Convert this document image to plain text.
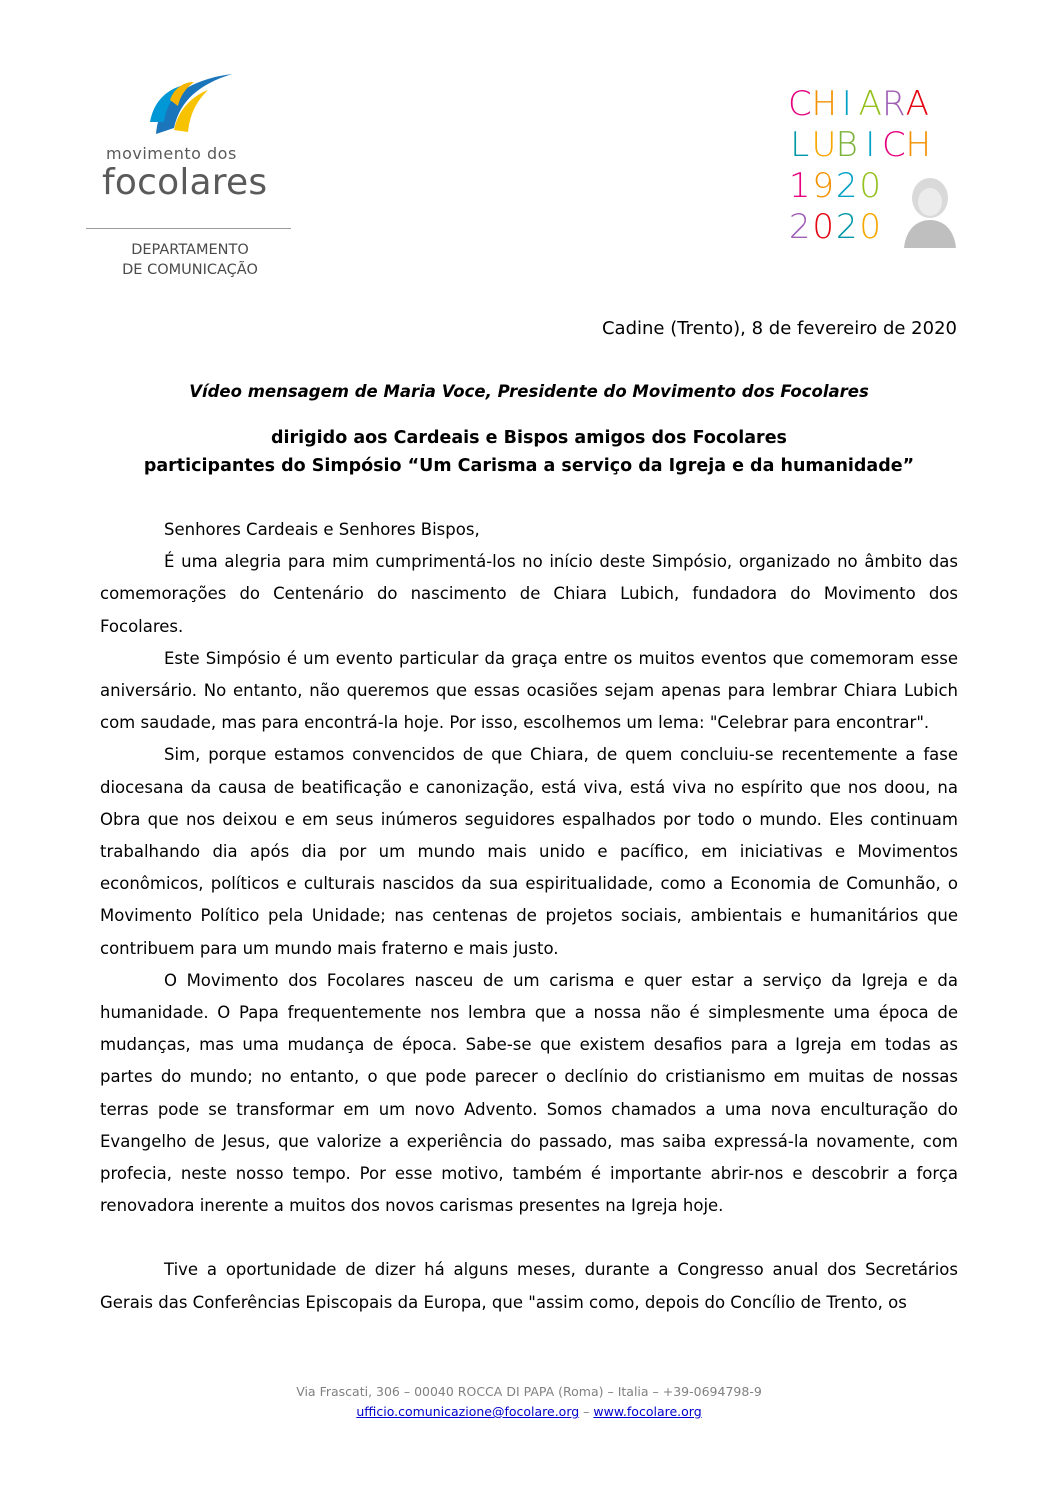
movimento dos
focolares
DEPARTAMENTO
DE COMUNICAÇÃO
C H I A R A
L U B I C H
1 9 2 0
2 0 2 0
Cadine (Trento), 8 de fevereiro de 2020
Vídeo mensagem de Maria Voce, Presidente do Movimento dos Focolares
dirigido aos Cardeais e Bispos amigos dos Focolares
participantes do Simpósio “Um Carisma a serviço da Igreja e da humanidade”

Senhores Cardeais e Senhores Bispos,

É uma alegria para mim cumprimentá-los no início deste Simpósio, organizado no âmbito das comemorações do Centenário do nascimento de Chiara Lubich, fundadora do Movimento dos Focolares.

Este Simpósio é um evento particular da graça entre os muitos eventos que comemoram esse aniversário. No entanto, não queremos que essas ocasiões sejam apenas para lembrar Chiara Lubich com saudade, mas para encontrá-la hoje. Por isso, escolhemos um lema: "Celebrar para encontrar".

Sim, porque estamos convencidos de que Chiara, de quem concluiu-se recentemente a fase diocesana da causa de beatificação e canonização, está viva, está viva no espírito que nos doou, na Obra que nos deixou e em seus inúmeros seguidores espalhados por todo o mundo. Eles continuam trabalhando dia após dia por um mundo mais unido e pacífico, em iniciativas e Movimentos econômicos, políticos e culturais nascidos da sua espiritualidade, como a Economia de Comunhão, o Movimento Político pela Unidade; nas centenas de projetos sociais, ambientais e humanitários que contribuem para um mundo mais fraterno e mais justo.

O Movimento dos Focolares nasceu de um carisma e quer estar a serviço da Igreja e da humanidade. O Papa frequentemente nos lembra que a nossa não é simplesmente uma época de mudanças, mas uma mudança de época. Sabe-se que existem desafios para a Igreja em todas as partes do mundo; no entanto, o que pode parecer o declínio do cristianismo em muitas de nossas terras pode se transformar em um novo Advento. Somos chamados a uma nova enculturação do Evangelho de Jesus, que valorize a experiência do passado, mas saiba expressá-la novamente, com profecia, neste nosso tempo. Por esse motivo, também é importante abrir-nos e descobrir a força renovadora inerente a muitos dos novos carismas presentes na Igreja hoje.

Tive a oportunidade de dizer há alguns meses, durante a Congresso anual dos Secretários Gerais das Conferências Episcopais da Europa, que "assim como, depois do Concílio de Trento, os

Via Frascati, 306 – 00040 ROCCA DI PAPA (Roma) – Italia – +39-0694798-9
ufficio.comunicazione@focolare.org – www.focolare.org
